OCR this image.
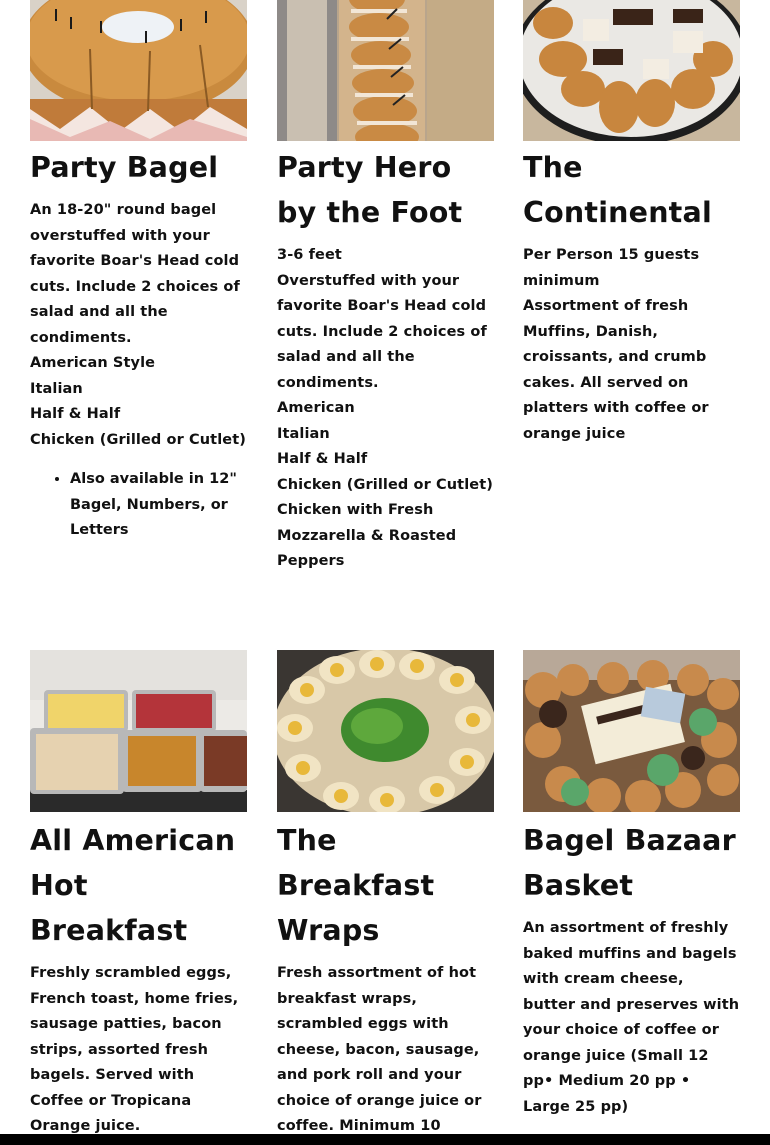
Party Bagel
An 18-20" round bagel overstuffed with your favorite Boar's Head cold cuts. Include 2 choices of salad and all the condiments.
American Style
Italian
Half & Half
Chicken (Grilled or Cutlet)
• Also available in 12" Bagel, Numbers, or Letters
Party Hero by the Foot
3-6 feet
Overstuffed with your favorite Boar's Head cold cuts. Include 2 choices of salad and all the condiments.
American
Italian
Half & Half
Chicken (Grilled or Cutlet)
Chicken with Fresh Mozzarella & Roasted Peppers
The Continental
Per Person 15 guests minimum
Assortment of fresh Muffins, Danish, croissants, and crumb cakes. All served on platters with coffee or orange juice
All American Hot Breakfast
Freshly scrambled eggs, French toast, home fries, sausage patties, bacon strips, assorted fresh bagels. Served with Coffee or Tropicana Orange juice.
The Breakfast Wraps
Fresh assortment of hot breakfast wraps, scrambled eggs with cheese, bacon, sausage, and pork roll and your choice of orange juice or coffee. Minimum 10
Bagel Bazaar Basket
An assortment of freshly baked muffins and bagels with cream cheese, butter and preserves with your choice of coffee or orange juice (Small 12 pp• Medium 20 pp • Large 25 pp)
